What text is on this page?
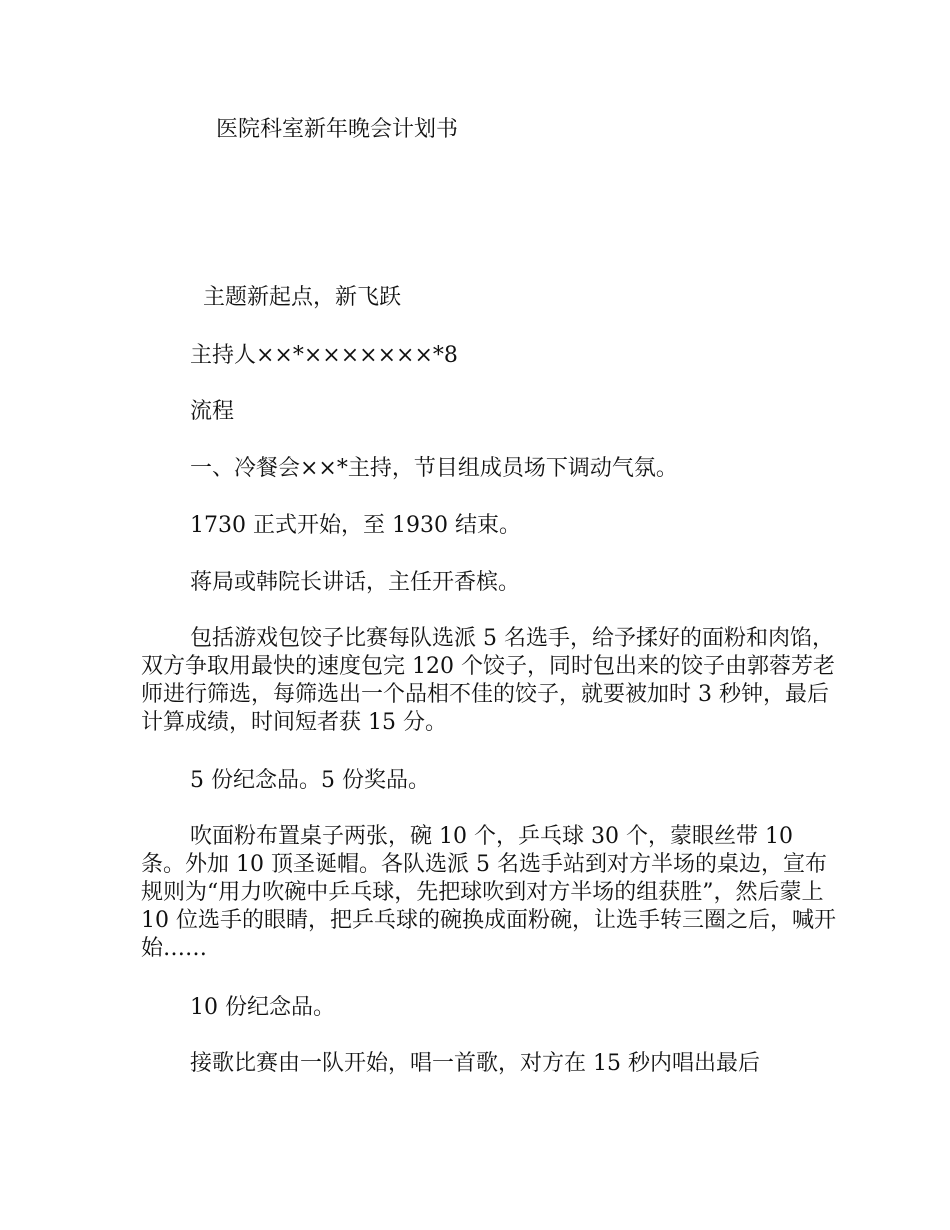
医院科室新年晚会计划书

主题新起点，新飞跃

主持人××*×××××××*8

流程

一、冷餐会××*主持，节目组成员场下调动气氛。

1730 正式开始，至 1930 结束。

蒋局或韩院长讲话，主任开香槟。

包括游戏包饺子比赛每队选派 5 名选手，给予揉好的面粉和肉馅，双方争取用最快的速度包完 120 个饺子，同时包出来的饺子由郭蓉芳老师进行筛选，每筛选出一个品相不佳的饺子，就要被加时 3 秒钟，最后计算成绩，时间短者获 15 分。

5 份纪念品。5 份奖品。

吹面粉布置桌子两张，碗 10 个，乒乓球 30 个，蒙眼丝带 10 条。外加 10 顶圣诞帽。各队选派 5 名选手站到对方半场的桌边，宣布规则为“用力吹碗中乒乓球，先把球吹到对方半场的组获胜”，然后蒙上 10 位选手的眼睛，把乒乓球的碗换成面粉碗，让选手转三圈之后，喊开始……

10 份纪念品。

接歌比赛由一队开始，唱一首歌，对方在 15 秒内唱出最后
